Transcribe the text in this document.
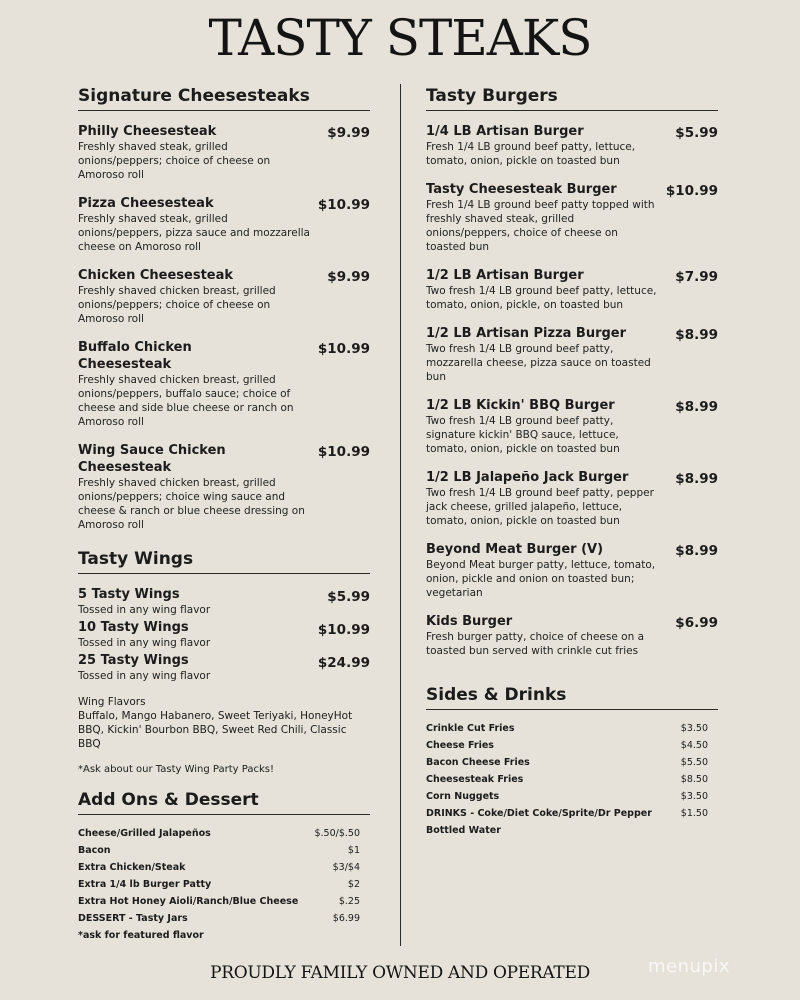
TASTY STEAKS
Signature Cheesesteaks
Philly Cheesesteak	$9.99
Freshly shaved steak, grilled onions/peppers; choice of cheese on Amoroso roll
Pizza Cheesesteak	$10.99
Freshly shaved steak, grilled onions/peppers, pizza sauce and mozzarella cheese on Amoroso roll
Chicken Cheesesteak	$9.99
Freshly shaved chicken breast, grilled onions/peppers; choice of cheese on Amoroso roll
Buffalo Chicken Cheesesteak
$10.99
Freshly shaved chicken breast, grilled onions/peppers, buffalo sauce; choice of cheese and side blue cheese or ranch on Amoroso roll
Wing Sauce Chicken Cheesesteak
$10.99
Freshly shaved chicken breast, grilled onions/peppers; choice wing sauce and cheese & ranch or blue cheese dressing on Amoroso roll
Tasty Wings
5 Tasty Wings	$5.99
Tossed in any wing flavor
10 Tasty Wings	$10.99
Tossed in any wing flavor
25 Tasty Wings	$24.99
Tossed in any wing flavor
Wing Flavors
Buffalo, Mango Habanero, Sweet Teriyaki, HoneyHot BBQ, Kickin' Bourbon BBQ, Sweet Red Chili, Classic BBQ
*Ask about our Tasty Wing Party Packs!
Add Ons & Dessert
Cheese/Grilled Jalapeños	$.50/$.50
Bacon	$1
Extra Chicken/Steak	$3/$4
Extra 1/4 lb Burger Patty	$2
Extra Hot Honey Aioli/Ranch/Blue Cheese	$.25
DESSERT - Tasty Jars	$6.99
*ask for featured flavor
Tasty Burgers
1/4 LB Artisan Burger	$5.99
Fresh 1/4 LB ground beef patty, lettuce, tomato, onion, pickle on toasted bun
Tasty Cheesesteak Burger	$10.99
Fresh 1/4 LB ground beef patty topped with freshly shaved steak, grilled onions/peppers, choice of cheese on toasted bun
1/2 LB Artisan Burger	$7.99
Two fresh 1/4 LB ground beef patty, lettuce, tomato, onion, pickle, on toasted bun
1/2 LB Artisan Pizza Burger	$8.99
Two fresh 1/4 LB ground beef patty, mozzarella cheese, pizza sauce on toasted bun
1/2 LB Kickin' BBQ Burger	$8.99
Two fresh 1/4 LB ground beef patty, signature kickin' BBQ sauce, lettuce, tomato, onion, pickle on toasted bun
1/2 LB Jalapeño Jack Burger	$8.99
Two fresh 1/4 LB ground beef patty, pepper jack cheese, grilled jalapeño, lettuce, tomato, onion, pickle on toasted bun
Beyond Meat Burger (V)	$8.99
Beyond Meat burger patty, lettuce, tomato, onion, pickle and onion on toasted bun; vegetarian
Kids Burger	$6.99
Fresh burger patty, choice of cheese on a toasted bun served with crinkle cut fries
Sides & Drinks
Crinkle Cut Fries	$3.50
Cheese Fries	$4.50
Bacon Cheese Fries	$5.50
Cheesesteak Fries	$8.50
Corn Nuggets	$3.50
DRINKS - Coke/Diet Coke/Sprite/Dr Pepper	$1.50
Bottled Water
PROUDLY FAMILY OWNED AND OPERATED	menupix
